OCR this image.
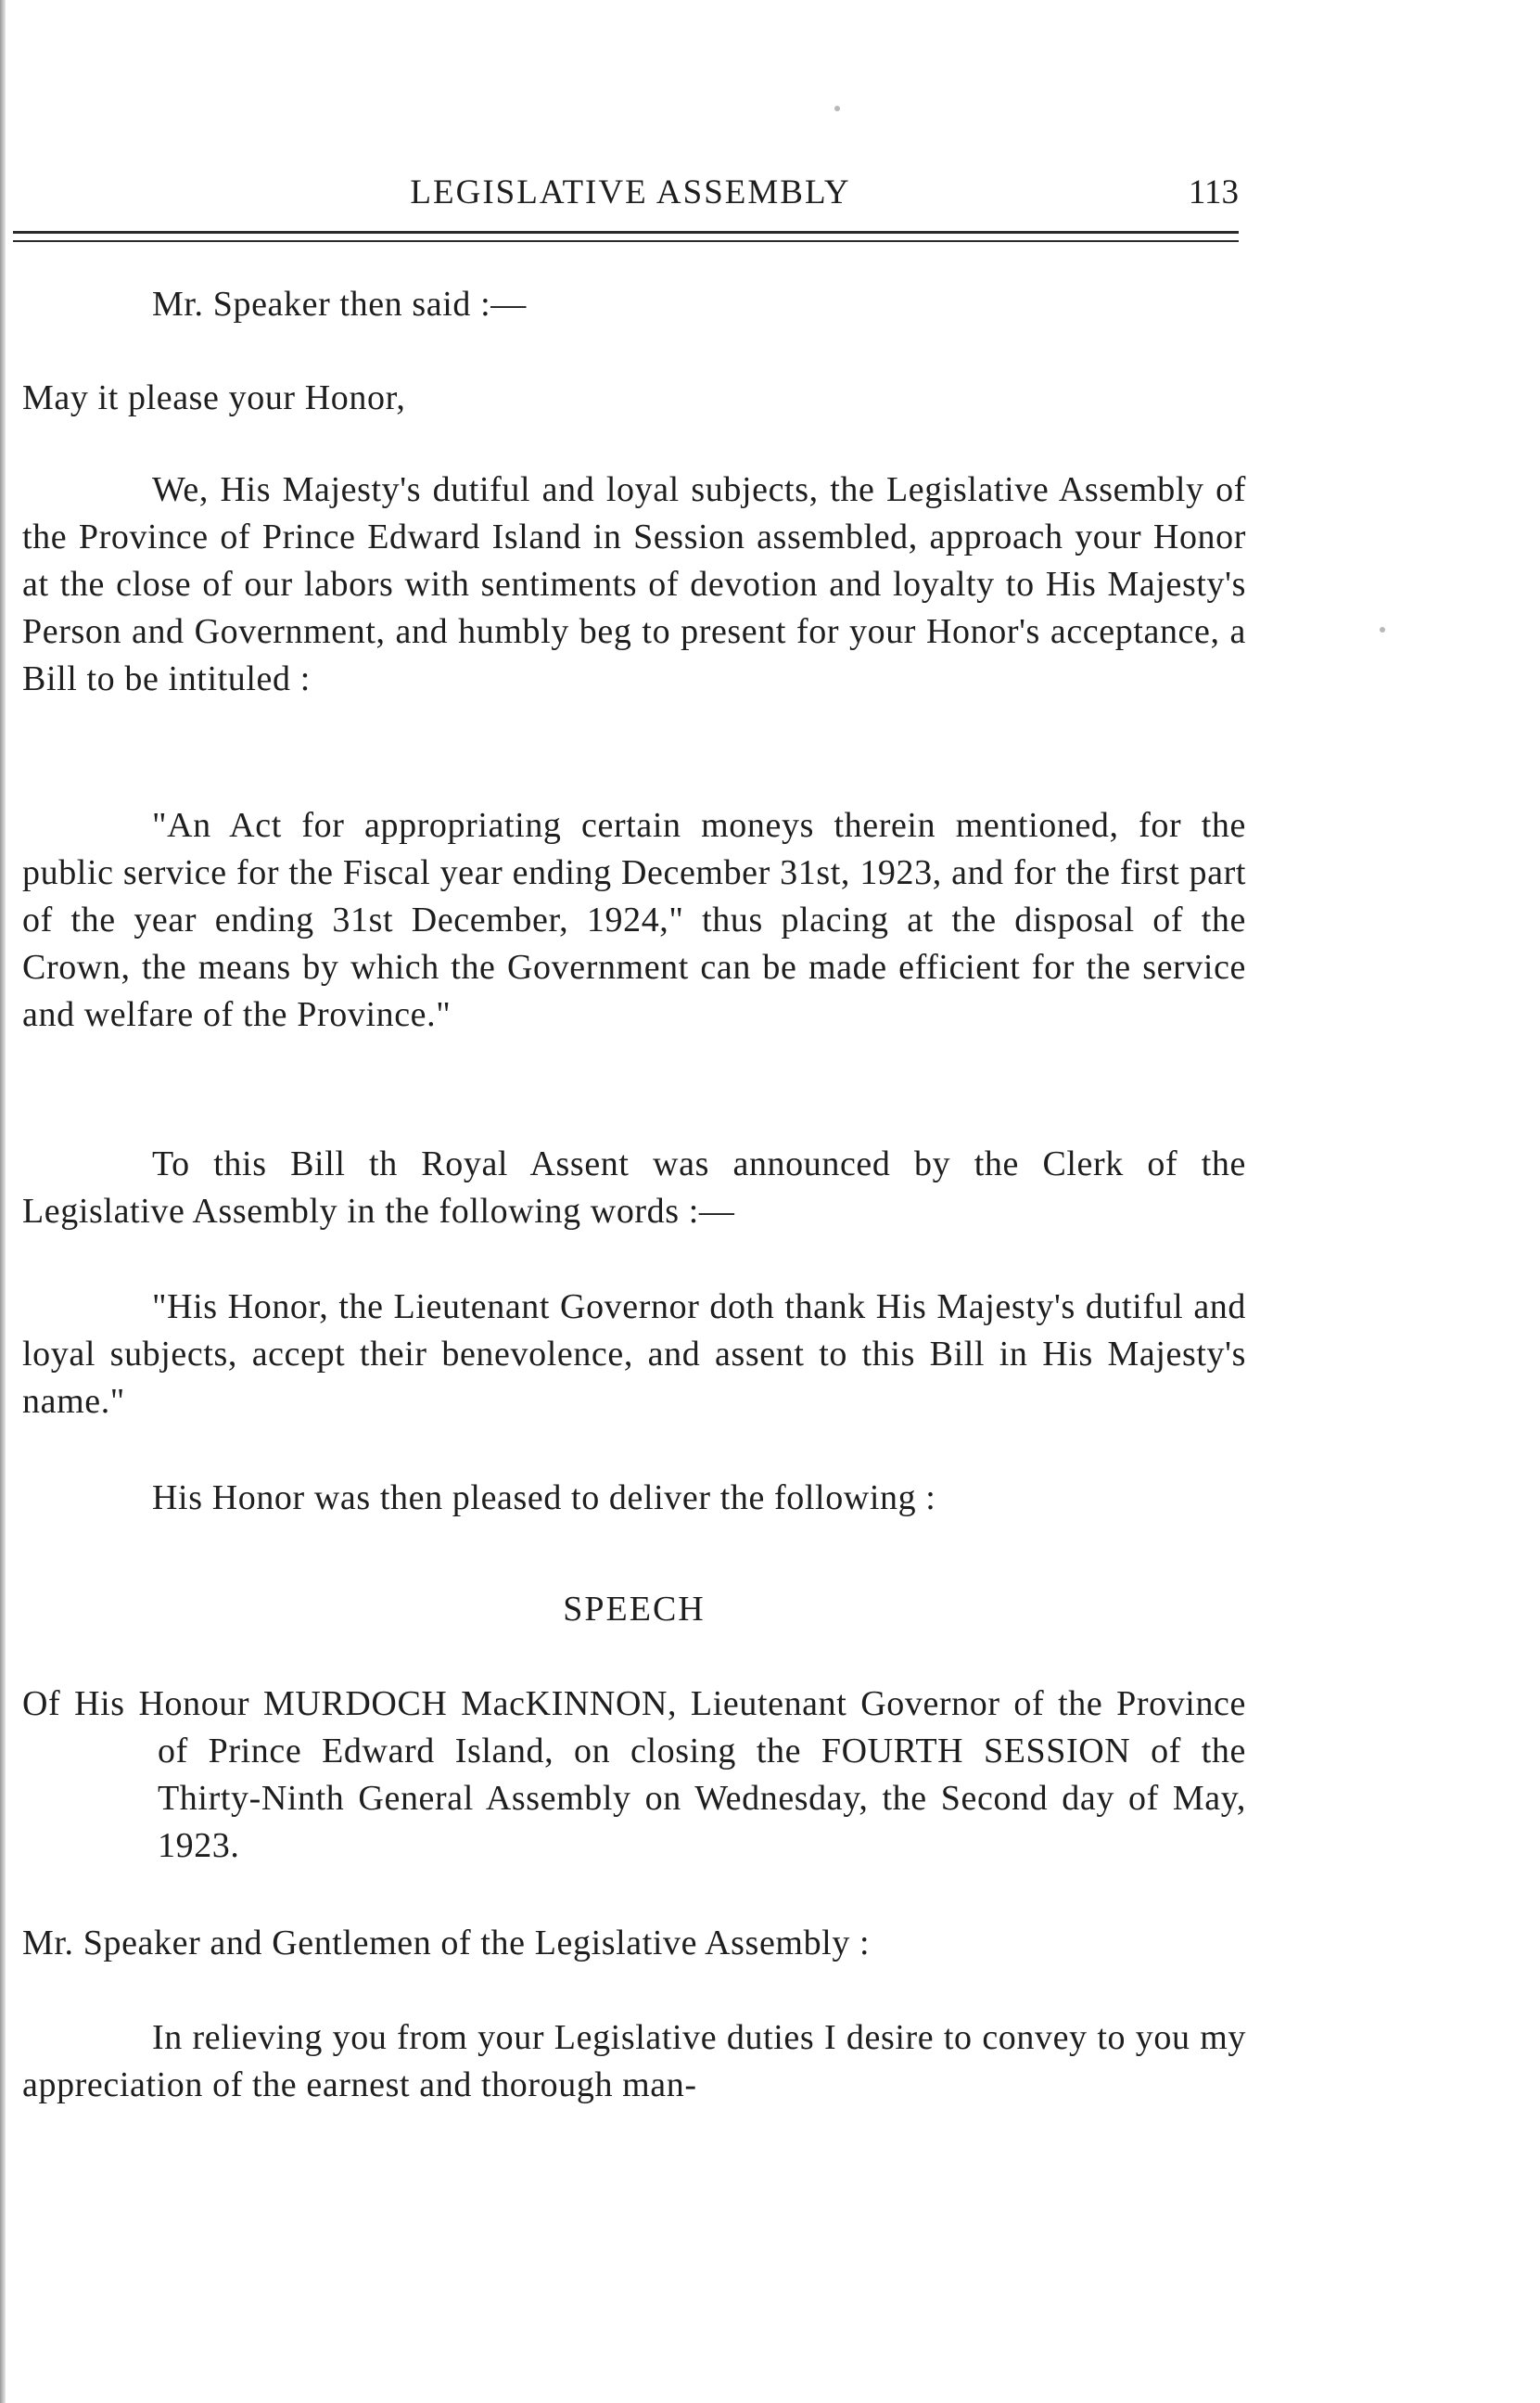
LEGISLATIVE ASSEMBLY	113

Mr. Speaker then said :—

May it please your Honor,

We, His Majesty's dutiful and loyal subjects, the Legislative Assembly of the Province of Prince Edward Island in Session assembled, approach your Honor at the close of our labors with sentiments of devotion and loyalty to His Majesty's Person and Government, and humbly beg to present for your Honor's acceptance, a Bill to be intituled :

"An Act for appropriating certain moneys therein mentioned, for the public service for the Fiscal year ending December 31st, 1923, and for the first part of the year ending 31st December, 1924," thus placing at the disposal of the Crown, the means by which the Government can be made efficient for the service and welfare of the Province."

To this Bill th Royal Assent was announced by the Clerk of the Legislative Assembly in the following words :—

"His Honor, the Lieutenant Governor doth thank His Majesty's dutiful and loyal subjects, accept their benevolence, and assent to this Bill in His Majesty's name."

His Honor was then pleased to deliver the following :

SPEECH

Of His Honour MURDOCH MacKINNON, Lieutenant Governor of the Province of Prince Edward Island, on closing the FOURTH SESSION of the Thirty-Ninth General Assembly on Wednesday, the Second day of May, 1923.

Mr. Speaker and Gentlemen of the Legislative Assembly :

In relieving you from your Legislative duties I desire to convey to you my appreciation of the earnest and thorough man-
